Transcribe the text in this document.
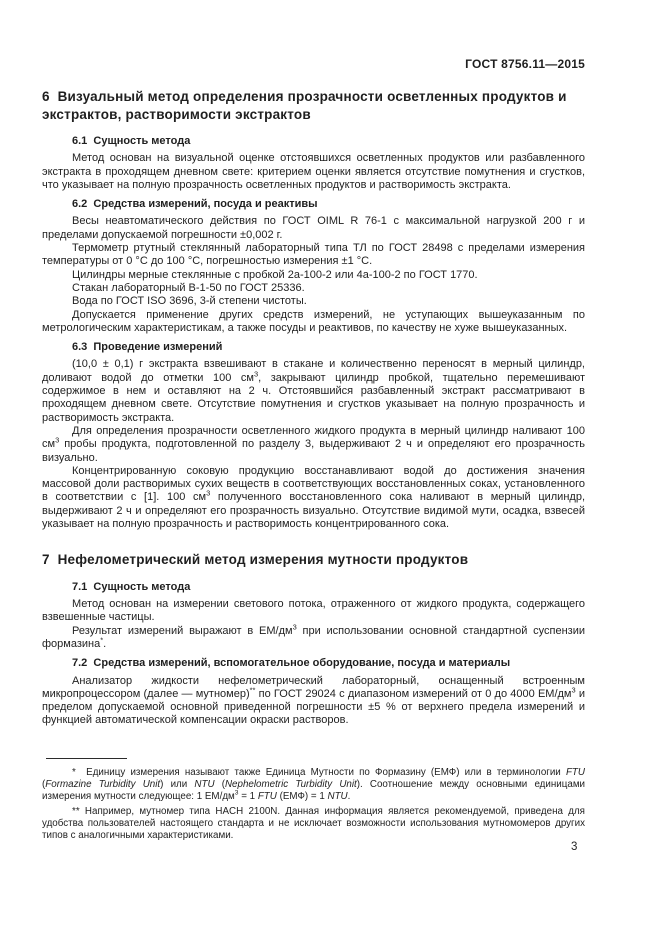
ГОСТ 8756.11—2015
6  Визуальный метод определения прозрачности осветленных продуктов и экстрактов, растворимости экстрактов
6.1  Сущность метода
Метод основан на визуальной оценке отстоявшихся осветленных продуктов или разбавленного экстракта в проходящем дневном свете: критерием оценки является отсутствие помутнения и сгустков, что указывает на полную прозрачность осветленных продуктов и растворимость экстракта.
6.2  Средства измерений, посуда и реактивы
Весы неавтоматического действия по ГОСТ OIML R 76-1 с максимальной нагрузкой 200 г и пределами допускаемой погрешности ±0,002 г.
Термометр ртутный стеклянный лабораторный типа ТЛ по ГОСТ 28498 с пределами измерения температуры от 0 °С до 100 °С, погрешностью измерения ±1 °С.
Цилиндры мерные стеклянные с пробкой 2а-100-2 или 4а-100-2 по ГОСТ 1770.
Стакан лабораторный В-1-50 по ГОСТ 25336.
Вода по ГОСТ ISO 3696, 3-й степени чистоты.
Допускается применение других средств измерений, не уступающих вышеуказанным по метрологическим характеристикам, а также посуды и реактивов, по качеству не хуже вышеуказанных.
6.3  Проведение измерений
(10,0 ± 0,1) г экстракта взвешивают в стакане и количественно переносят в мерный цилиндр, доливают водой до отметки 100 $см^3$, закрывают цилиндр пробкой, тщательно перемешивают содержимое в нем и оставляют на 2 ч. Отстоявшийся разбавленный экстракт рассматривают в проходящем дневном свете. Отсутствие помутнения и сгустков указывает на полную прозрачность и растворимость экстракта.
Для определения прозрачности осветленного жидкого продукта в мерный цилиндр наливают 100 $см^3$ пробы продукта, подготовленной по разделу 3, выдерживают 2 ч и определяют его прозрачность визуально.
Концентрированную соковую продукцию восстанавливают водой до достижения значения массовой доли растворимых сухих веществ в соответствующих восстановленных соках, установленного в соответствии с [1]. 100 $см^3$ полученного восстановленного сока наливают в мерный цилиндр, выдерживают 2 ч и определяют его прозрачность визуально. Отсутствие видимой мути, осадка, взвесей указывает на полную прозрачность и растворимость концентрированного сока.
7  Нефелометрический метод измерения мутности продуктов
7.1  Сущность метода
Метод основан на измерении светового потока, отраженного от жидкого продукта, содержащего взвешенные частицы.
Результат измерений выражают в $ЕМ/дм^3$ при использовании основной стандартной суспензии формазина*.
7.2  Средства измерений, вспомогательное оборудование, посуда и материалы
Анализатор жидкости нефелометрический лабораторный, оснащенный встроенным микропроцессором (далее — мутномер)** по ГОСТ 29024 с диапазоном измерений от 0 до 4000 $ЕМ/дм^3$ и пределом допускаемой основной приведенной погрешности ±5 % от верхнего предела измерений и функцией автоматической компенсации окраски растворов.
*  Единицу измерения называют также Единица Мутности по Формазину (ЕМФ) или в терминологии FTU (Formazine Turbidity Unit) или NTU (Nephelometric Turbidity Unit). Соотношение между основными единицами измерения мутности следующее: 1 $ЕМ/дм^3 = 1$ FTU (ЕМФ) = 1 NTU.
** Например, мутномер типа HACH 2100N. Данная информация является рекомендуемой, приведена для удобства пользователей настоящего стандарта и не исключает возможности использования мутномомеров других типов с аналогичными характеристиками.
3
